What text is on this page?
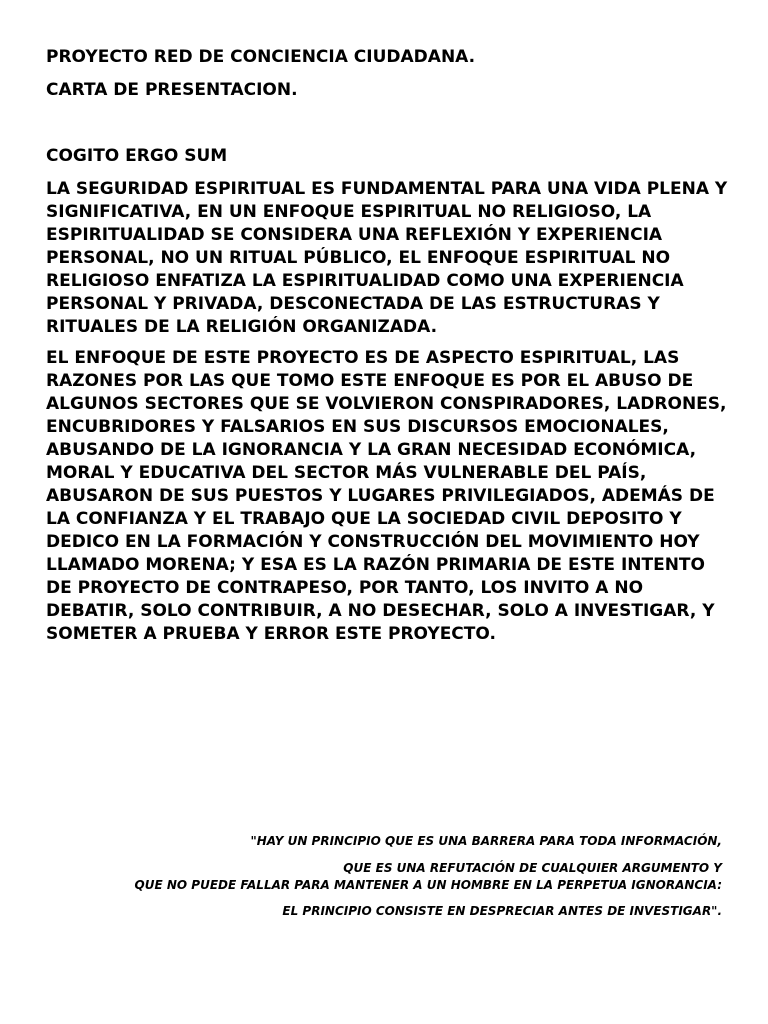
PROYECTO RED DE CONCIENCIA CIUDADANA.

CARTA DE PRESENTACION.

COGITO ERGO SUM

LA SEGURIDAD ESPIRITUAL ES FUNDAMENTAL PARA UNA VIDA PLENA Y SIGNIFICATIVA, EN UN ENFOQUE ESPIRITUAL NO RELIGIOSO, LA ESPIRITUALIDAD SE CONSIDERA UNA REFLEXIÓN Y EXPERIENCIA PERSONAL, NO UN RITUAL PÚBLICO, EL ENFOQUE ESPIRITUAL NO RELIGIOSO ENFATIZA LA ESPIRITUALIDAD COMO UNA EXPERIENCIA PERSONAL Y PRIVADA, DESCONECTADA DE LAS ESTRUCTURAS Y RITUALES DE LA RELIGIÓN ORGANIZADA.

EL ENFOQUE DE ESTE PROYECTO ES DE ASPECTO ESPIRITUAL, LAS RAZONES POR LAS QUE TOMO ESTE ENFOQUE ES POR EL ABUSO DE ALGUNOS SECTORES QUE SE VOLVIERON CONSPIRADORES, LADRONES, ENCUBRIDORES Y FALSARIOS EN SUS DISCURSOS EMOCIONALES, ABUSANDO DE LA IGNORANCIA Y LA GRAN NECESIDAD ECONÓMICA, MORAL Y EDUCATIVA DEL SECTOR MÁS VULNERABLE DEL PAÍS, ABUSARON DE SUS PUESTOS Y LUGARES PRIVILEGIADOS, ADEMÁS DE LA CONFIANZA Y EL TRABAJO QUE LA SOCIEDAD CIVIL DEPOSITO Y DEDICO EN LA FORMACIÓN Y CONSTRUCCIÓN DEL MOVIMIENTO HOY LLAMADO MORENA; Y ESA ES LA RAZÓN PRIMARIA DE ESTE INTENTO DE PROYECTO DE CONTRAPESO, POR TANTO, LOS INVITO A NO DEBATIR, SOLO CONTRIBUIR, A NO DESECHAR, SOLO A INVESTIGAR, Y SOMETER A PRUEBA Y ERROR ESTE PROYECTO.

"HAY UN PRINCIPIO QUE ES UNA BARRERA PARA TODA INFORMACIÓN,

QUE ES UNA REFUTACIÓN DE CUALQUIER ARGUMENTO Y

QUE NO PUEDE FALLAR PARA MANTENER A UN HOMBRE EN LA PERPETUA IGNORANCIA:

EL PRINCIPIO CONSISTE EN DESPRECIAR ANTES DE INVESTIGAR".
